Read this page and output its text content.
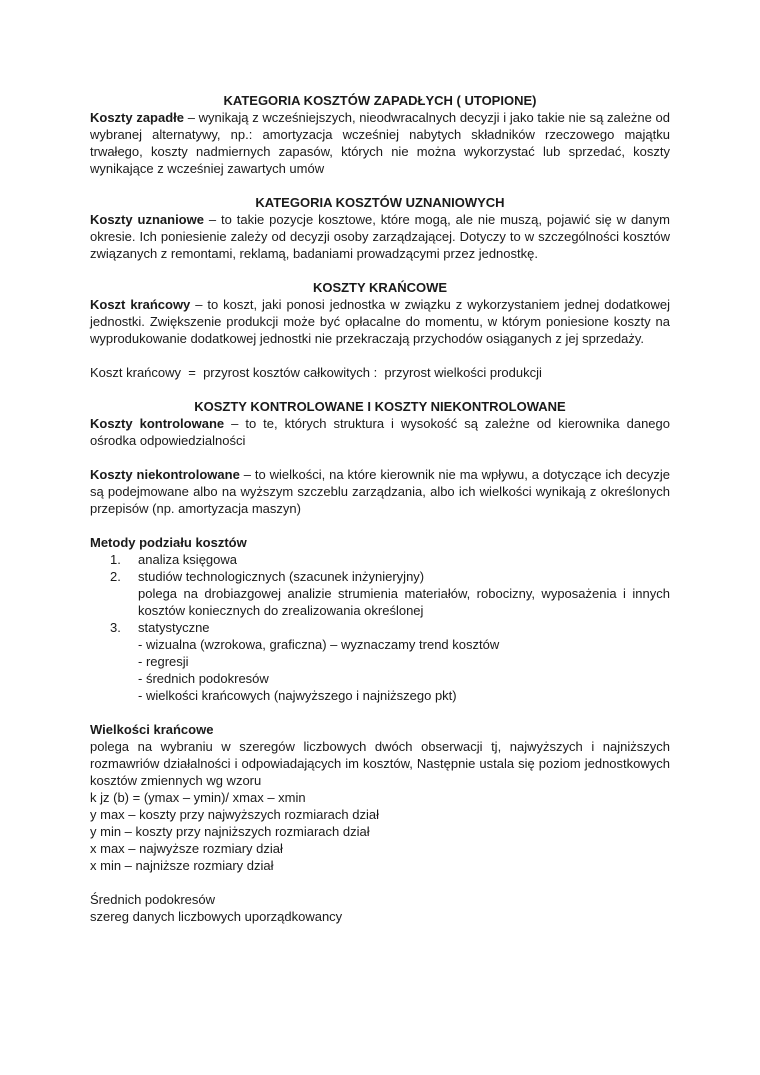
KATEGORIA KOSZTÓW ZAPADŁYCH ( UTOPIONE)

Koszty zapadłe – wynikają z wcześniejszych, nieodwracalnych decyzji i jako takie nie są zależne od wybranej alternatywy, np.: amortyzacja wcześniej nabytych składników rzeczowego majątku trwałego, koszty nadmiernych zapasów, których nie można wykorzystać lub sprzedać, koszty wynikające z wcześniej zawartych umów

KATEGORIA KOSZTÓW UZNANIOWYCH

Koszty uznaniowe – to takie pozycje kosztowe, które mogą, ale nie muszą, pojawić się w danym okresie. Ich poniesienie zależy od decyzji osoby zarządzającej. Dotyczy to w szczególności kosztów związanych z remontami, reklamą, badaniami prowadzącymi przez jednostkę.

KOSZTY KRAŃCOWE

Koszt krańcowy – to koszt, jaki ponosi jednostka w związku z wykorzystaniem jednej dodatkowej jednostki. Zwiększenie produkcji może być opłacalne do momentu, w którym poniesione koszty na wyprodukowanie dodatkowej jednostki nie przekraczają przychodów osiąganych z jej sprzedaży.

Koszt krańcowy  =  przyrost kosztów całkowitych :  przyrost wielkości produkcji

KOSZTY KONTROLOWANE I KOSZTY NIEKONTROLOWANE

Koszty kontrolowane – to te, których struktura i wysokość są zależne od kierownika danego ośrodka odpowiedzialności

Koszty niekontrolowane – to wielkości, na które kierownik nie ma wpływu, a dotyczące ich decyzje są podejmowane albo na wyższym szczeblu zarządzania, albo ich wielkości wynikają z określonych przepisów (np. amortyzacja maszyn)

Metody podziału kosztów

1. analiza księgowa

2. studiów technologicznych (szacunek inżynieryjny)

polega na drobiazgowej analizie strumienia materiałów, robocizny, wyposażenia i innych kosztów koniecznych do zrealizowania określonej

3. statystyczne

- wizualna (wzrokowa, graficzna) – wyznaczamy trend kosztów

- regresji

- średnich podokresów

- wielkości krańcowych (najwyższego i najniższego pkt)

Wielkości krańcowe

polega na wybraniu w szeregów liczbowych dwóch obserwacji tj, najwyższych i najniższych rozmawriów działalności i odpowiadających im kosztów, Następnie ustala się poziom jednostkowych kosztów zmiennych wg wzoru

k jz (b) = (ymax – ymin)/ xmax – xmin

y max – koszty przy najwyższych rozmiarach dział

y min – koszty przy najniższych rozmiarach dział

x max – najwyższe rozmiary dział

x min – najniższe rozmiary dział

Średnich podokresów

szereg danych liczbowych uporządkowancy
